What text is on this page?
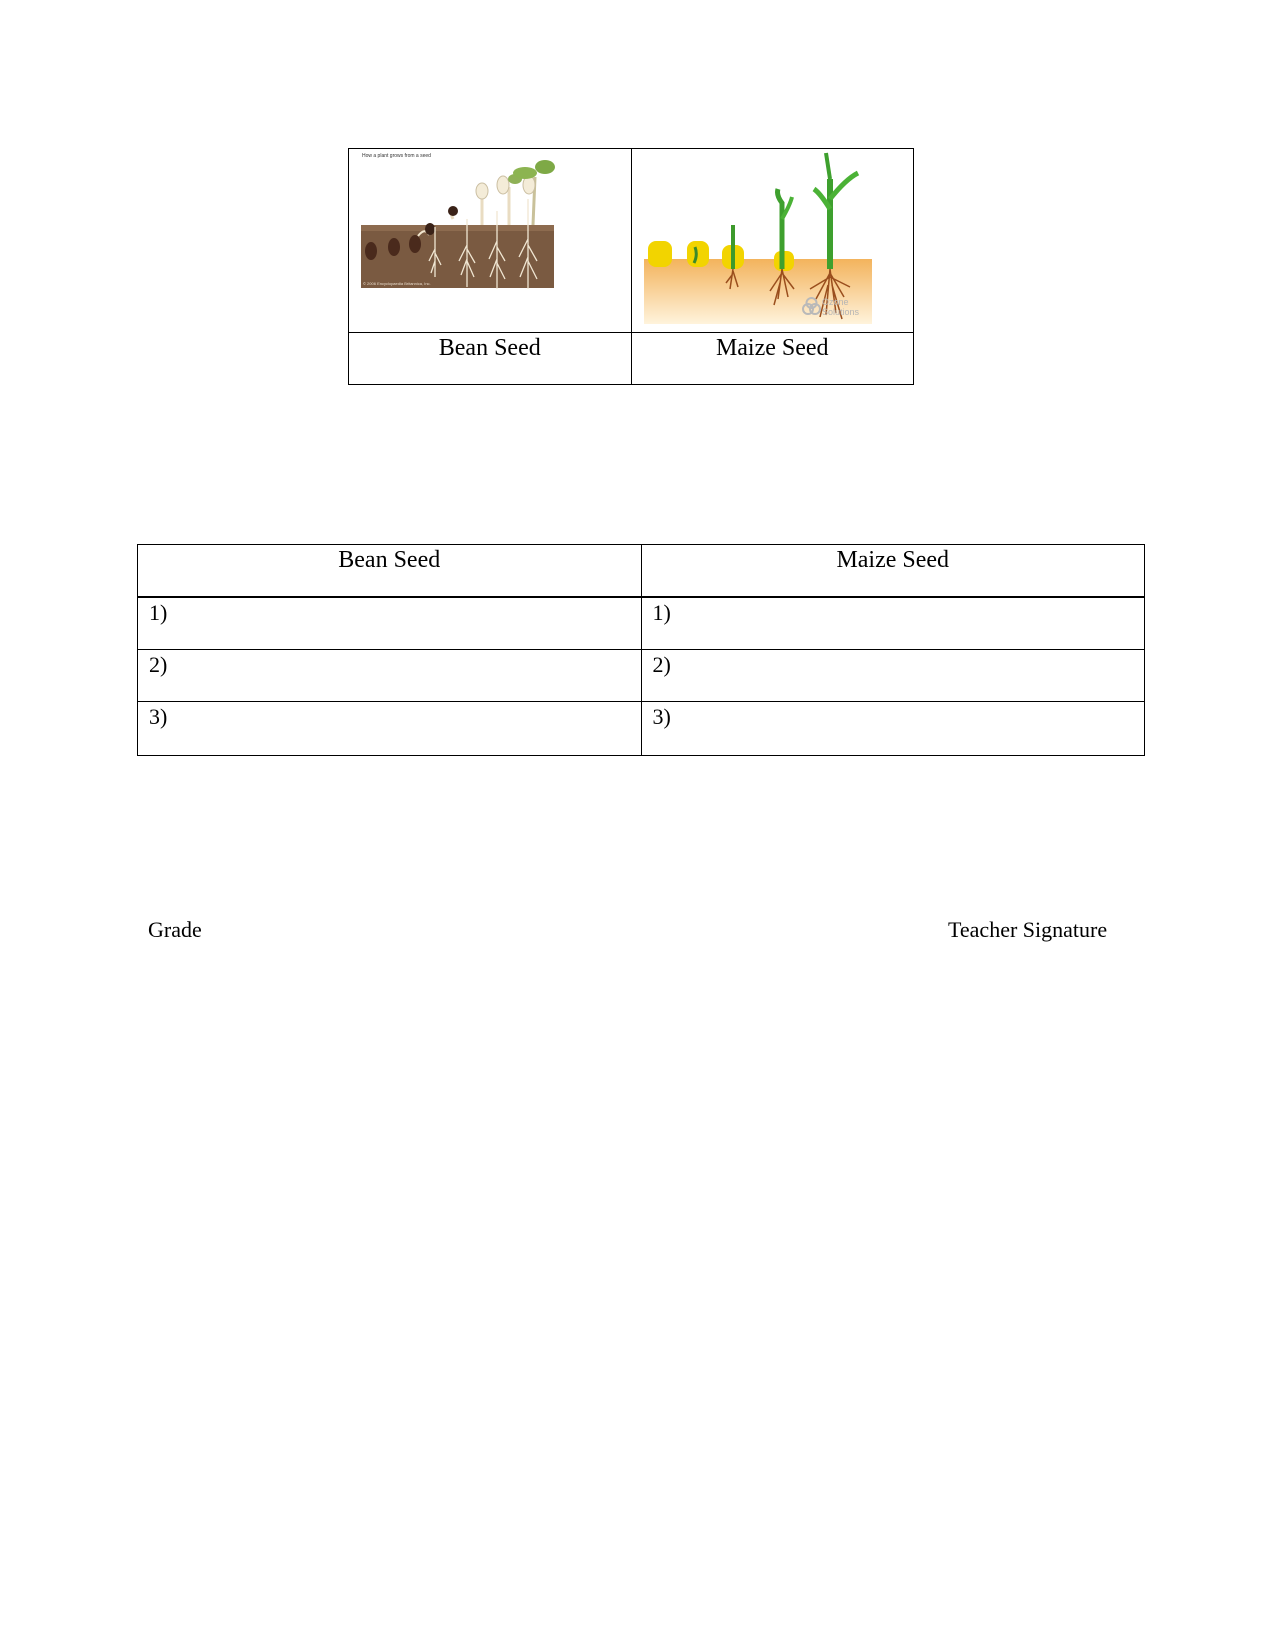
How a plant grows from a seed
© 2006 Encyclopaedia Britannica, Inc.	Ozone
Solutions

Bean Seed	Maize Seed
Bean Seed	Maize Seed
1)	1)
2)	2)
3)	3)
Grade	Teacher Signature
